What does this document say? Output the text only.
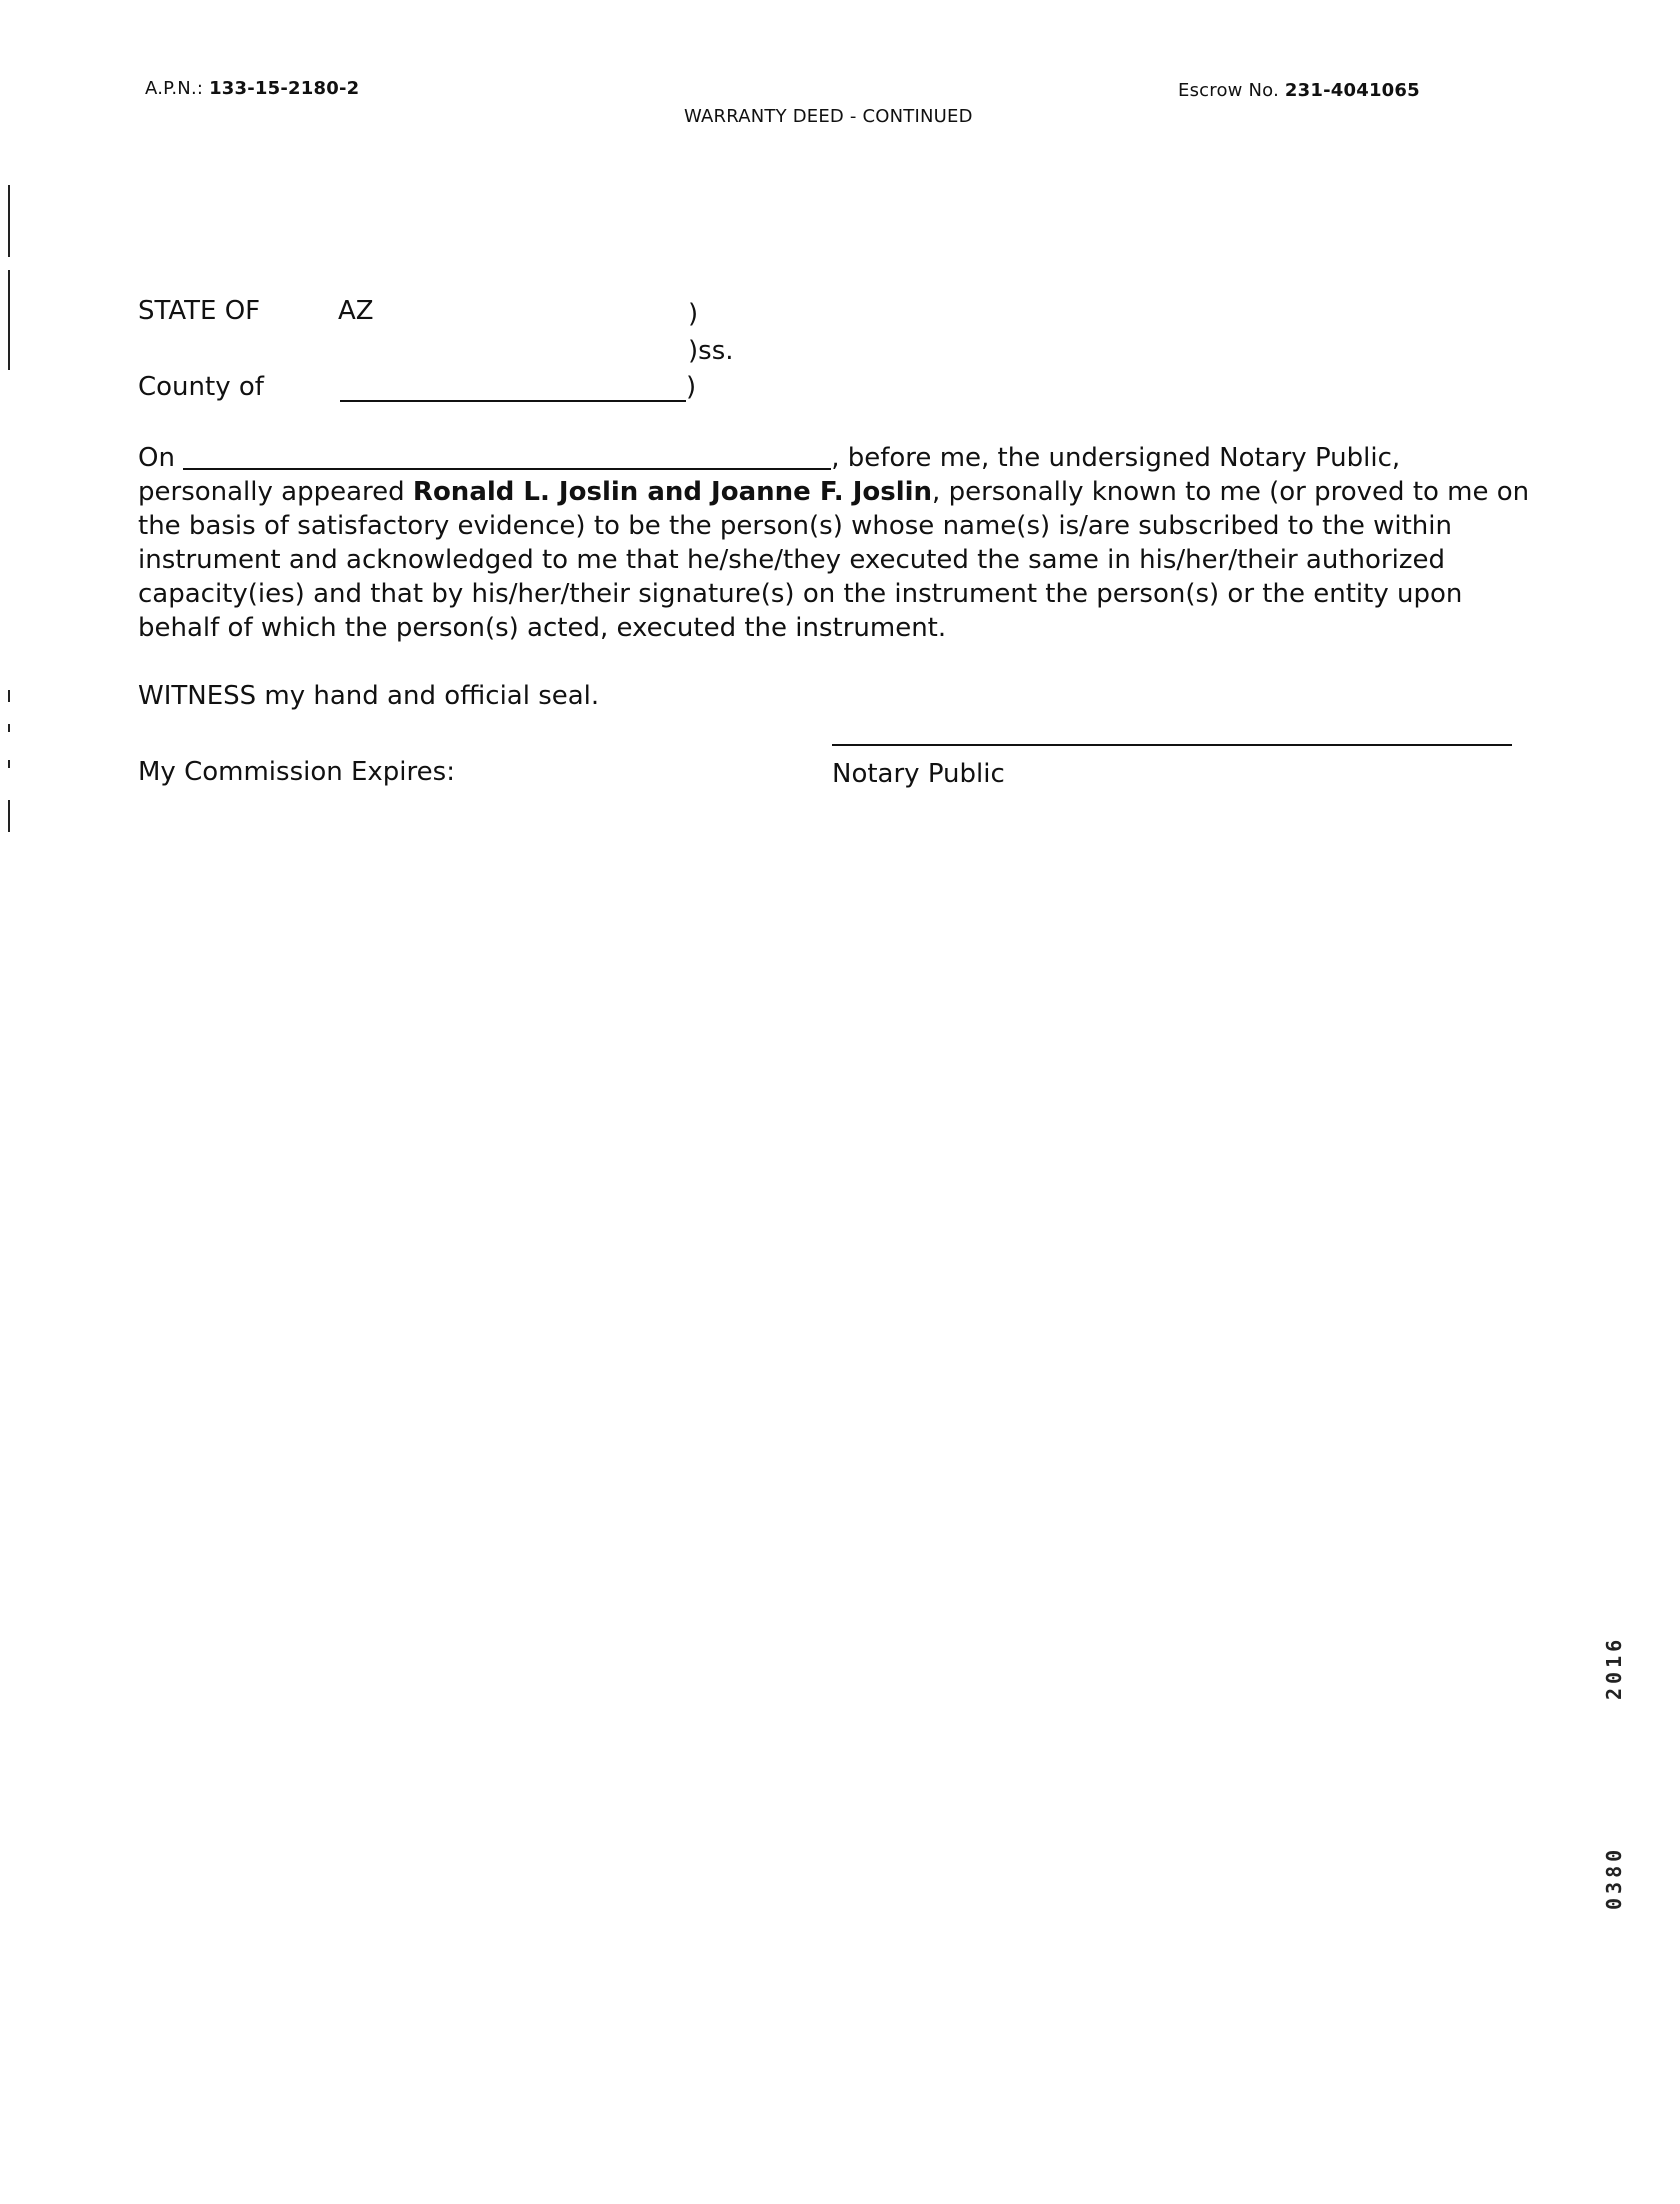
A.P.N.: 133-15-2180-2
WARRANTY DEED - CONTINUED
Escrow No. 231-4041065
STATE OF	AZ	)
)ss.
County of	)
On	, before me, the undersigned Notary Public, personally appeared Ronald L. Joslin and Joanne F. Joslin, personally known to me (or proved to me on the basis of satisfactory evidence) to be the person(s) whose name(s) is/are subscribed to the within instrument and acknowledged to me that he/she/they executed the same in his/her/their authorized capacity(ies) and that by his/her/their signature(s) on the instrument the person(s) or the entity upon behalf of which the person(s) acted, executed the instrument.
WITNESS my hand and official seal.
My Commission Expires:	Notary Public
2016
0380
